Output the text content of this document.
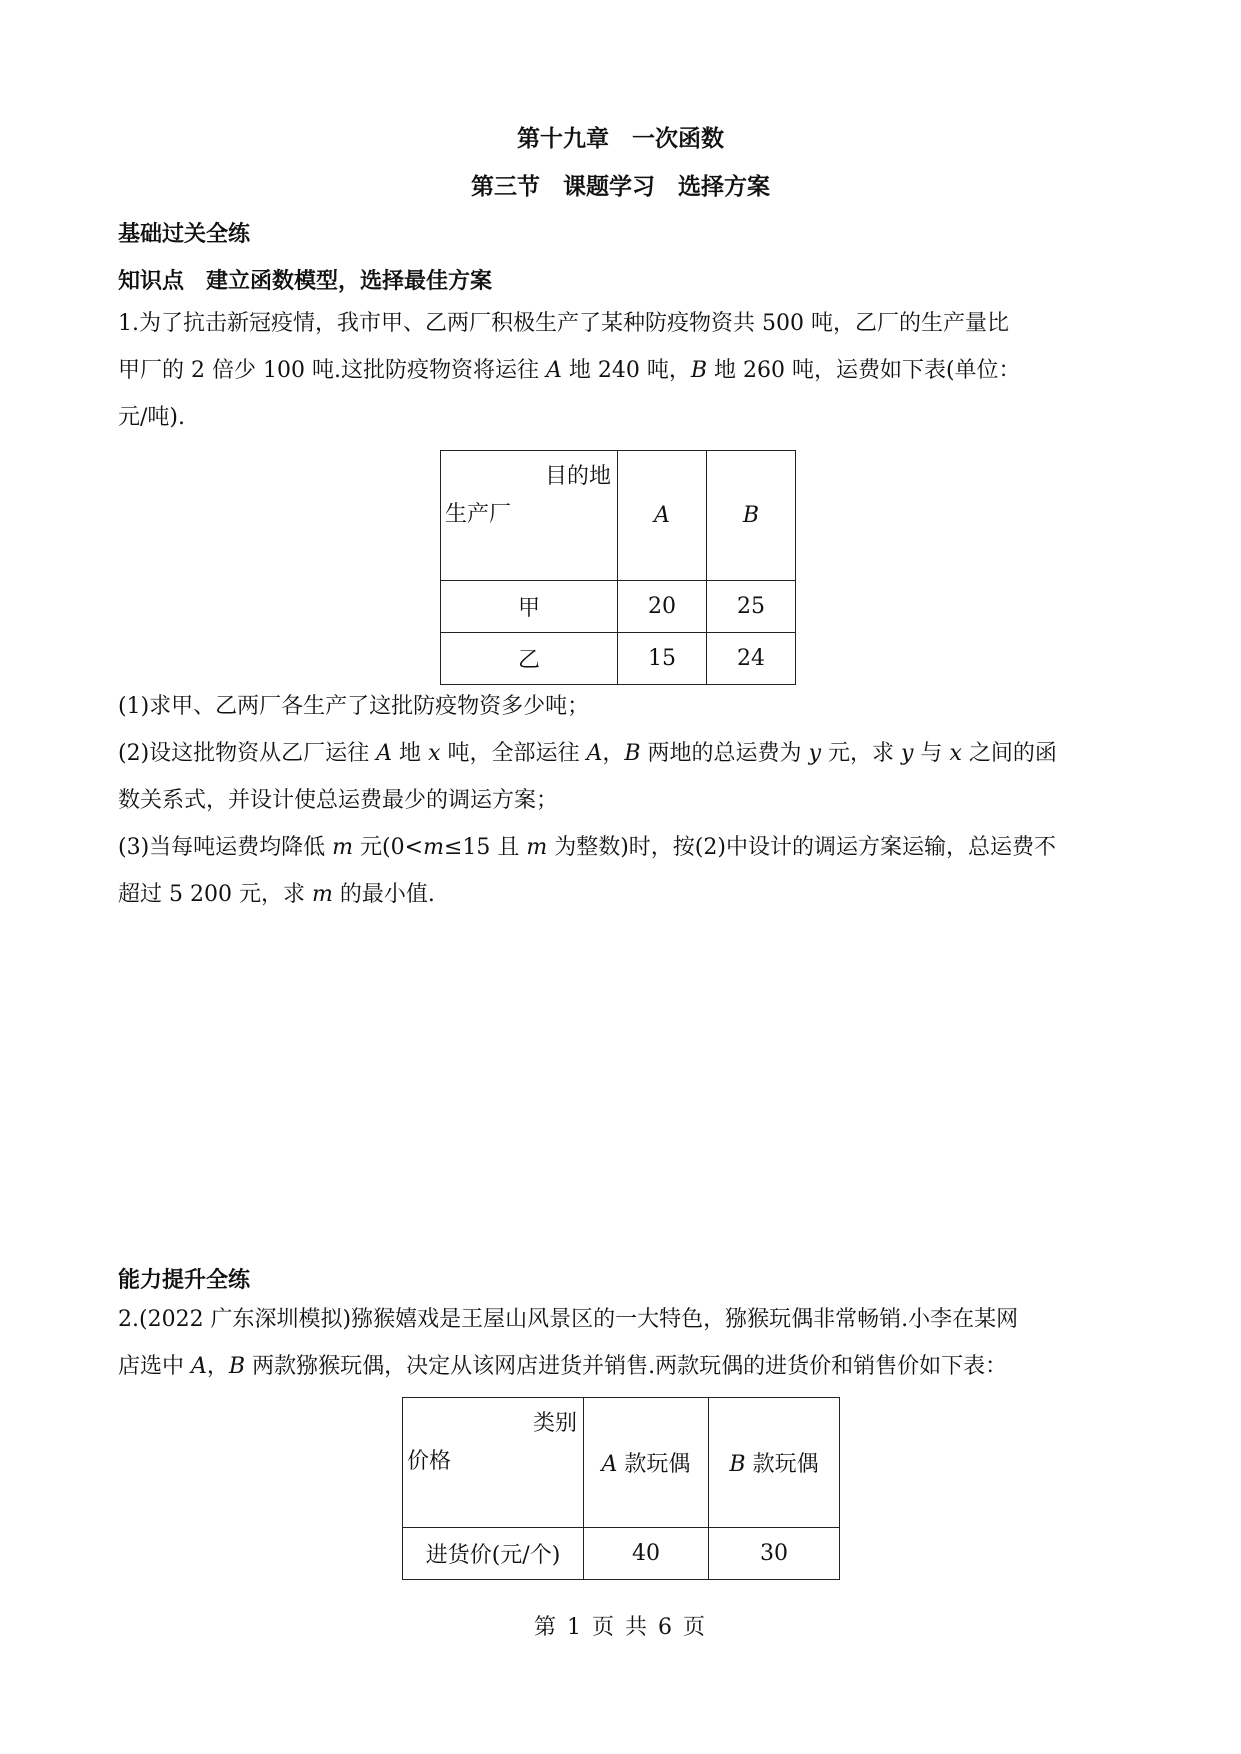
第十九章　一次函数
第三节　课题学习　选择方案
基础过关全练
知识点　建立函数模型，选择最佳方案
1.为了抗击新冠疫情，我市甲、乙两厂积极生产了某种防疫物资共 500 吨，乙厂的生产量比
甲厂的 2 倍少 100 吨.这批防疫物资将运往 A 地 240 吨，B 地 260 吨，运费如下表(单位：
元/吨).
目的地
生产厂	A	B
甲	20	25
乙	15	24
(1)求甲、乙两厂各生产了这批防疫物资多少吨；
(2)设这批物资从乙厂运往 A 地 x 吨，全部运往 A，B 两地的总运费为 y 元，求 y 与 x 之间的函
数关系式，并设计使总运费最少的调运方案；
(3)当每吨运费均降低 m 元(0<m≤15 且 m 为整数)时，按(2)中设计的调运方案运输，总运费不
超过 5 200 元，求 m 的最小值.
能力提升全练
2.(2022 广东深圳模拟)猕猴嬉戏是王屋山风景区的一大特色，猕猴玩偶非常畅销.小李在某网
店选中 A，B 两款猕猴玩偶，决定从该网店进货并销售.两款玩偶的进货价和销售价如下表：
类别
价格	A 款玩偶	B 款玩偶
进货价(元/个)	40	30
第 1 页 共 6 页
